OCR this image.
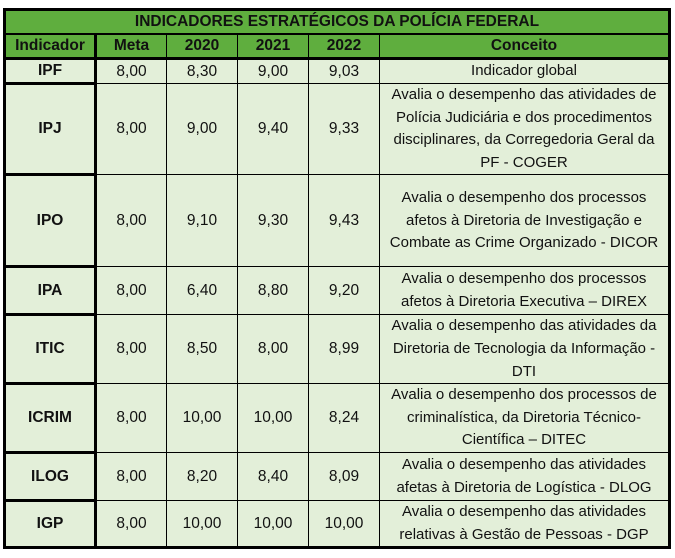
INDICADORES ESTRATÉGICOS DA POLÍCIA FEDERAL					
Indicador	Meta	2020	2021	2022	Conceito
IPF	8,00	8,30	9,00	9,03	Indicador global
IPJ	8,00	9,00	9,40	9,33	Avalia o desempenho das atividades de Polícia Judiciária e dos procedimentos disciplinares, da Corregedoria Geral da PF - COGER
IPO	8,00	9,10	9,30	9,43	Avalia o desempenho dos processos afetos à Diretoria de Investigação e Combate as Crime Organizado - DICOR
IPA	8,00	6,40	8,80	9,20	Avalia o desempenho dos processos afetos à Diretoria Executiva – DIREX
ITIC	8,00	8,50	8,00	8,99	Avalia o desempenho das atividades da Diretoria de Tecnologia da Informação - DTI
ICRIM	8,00	10,00	10,00	8,24	Avalia o desempenho dos processos de criminalística, da Diretoria Técnico-Científica – DITEC
ILOG	8,00	8,20	8,40	8,09	Avalia o desempenho das atividades afetas à Diretoria de Logística - DLOG
IGP	8,00	10,00	10,00	10,00	Avalia o desempenho das atividades relativas à Gestão de Pessoas - DGP
